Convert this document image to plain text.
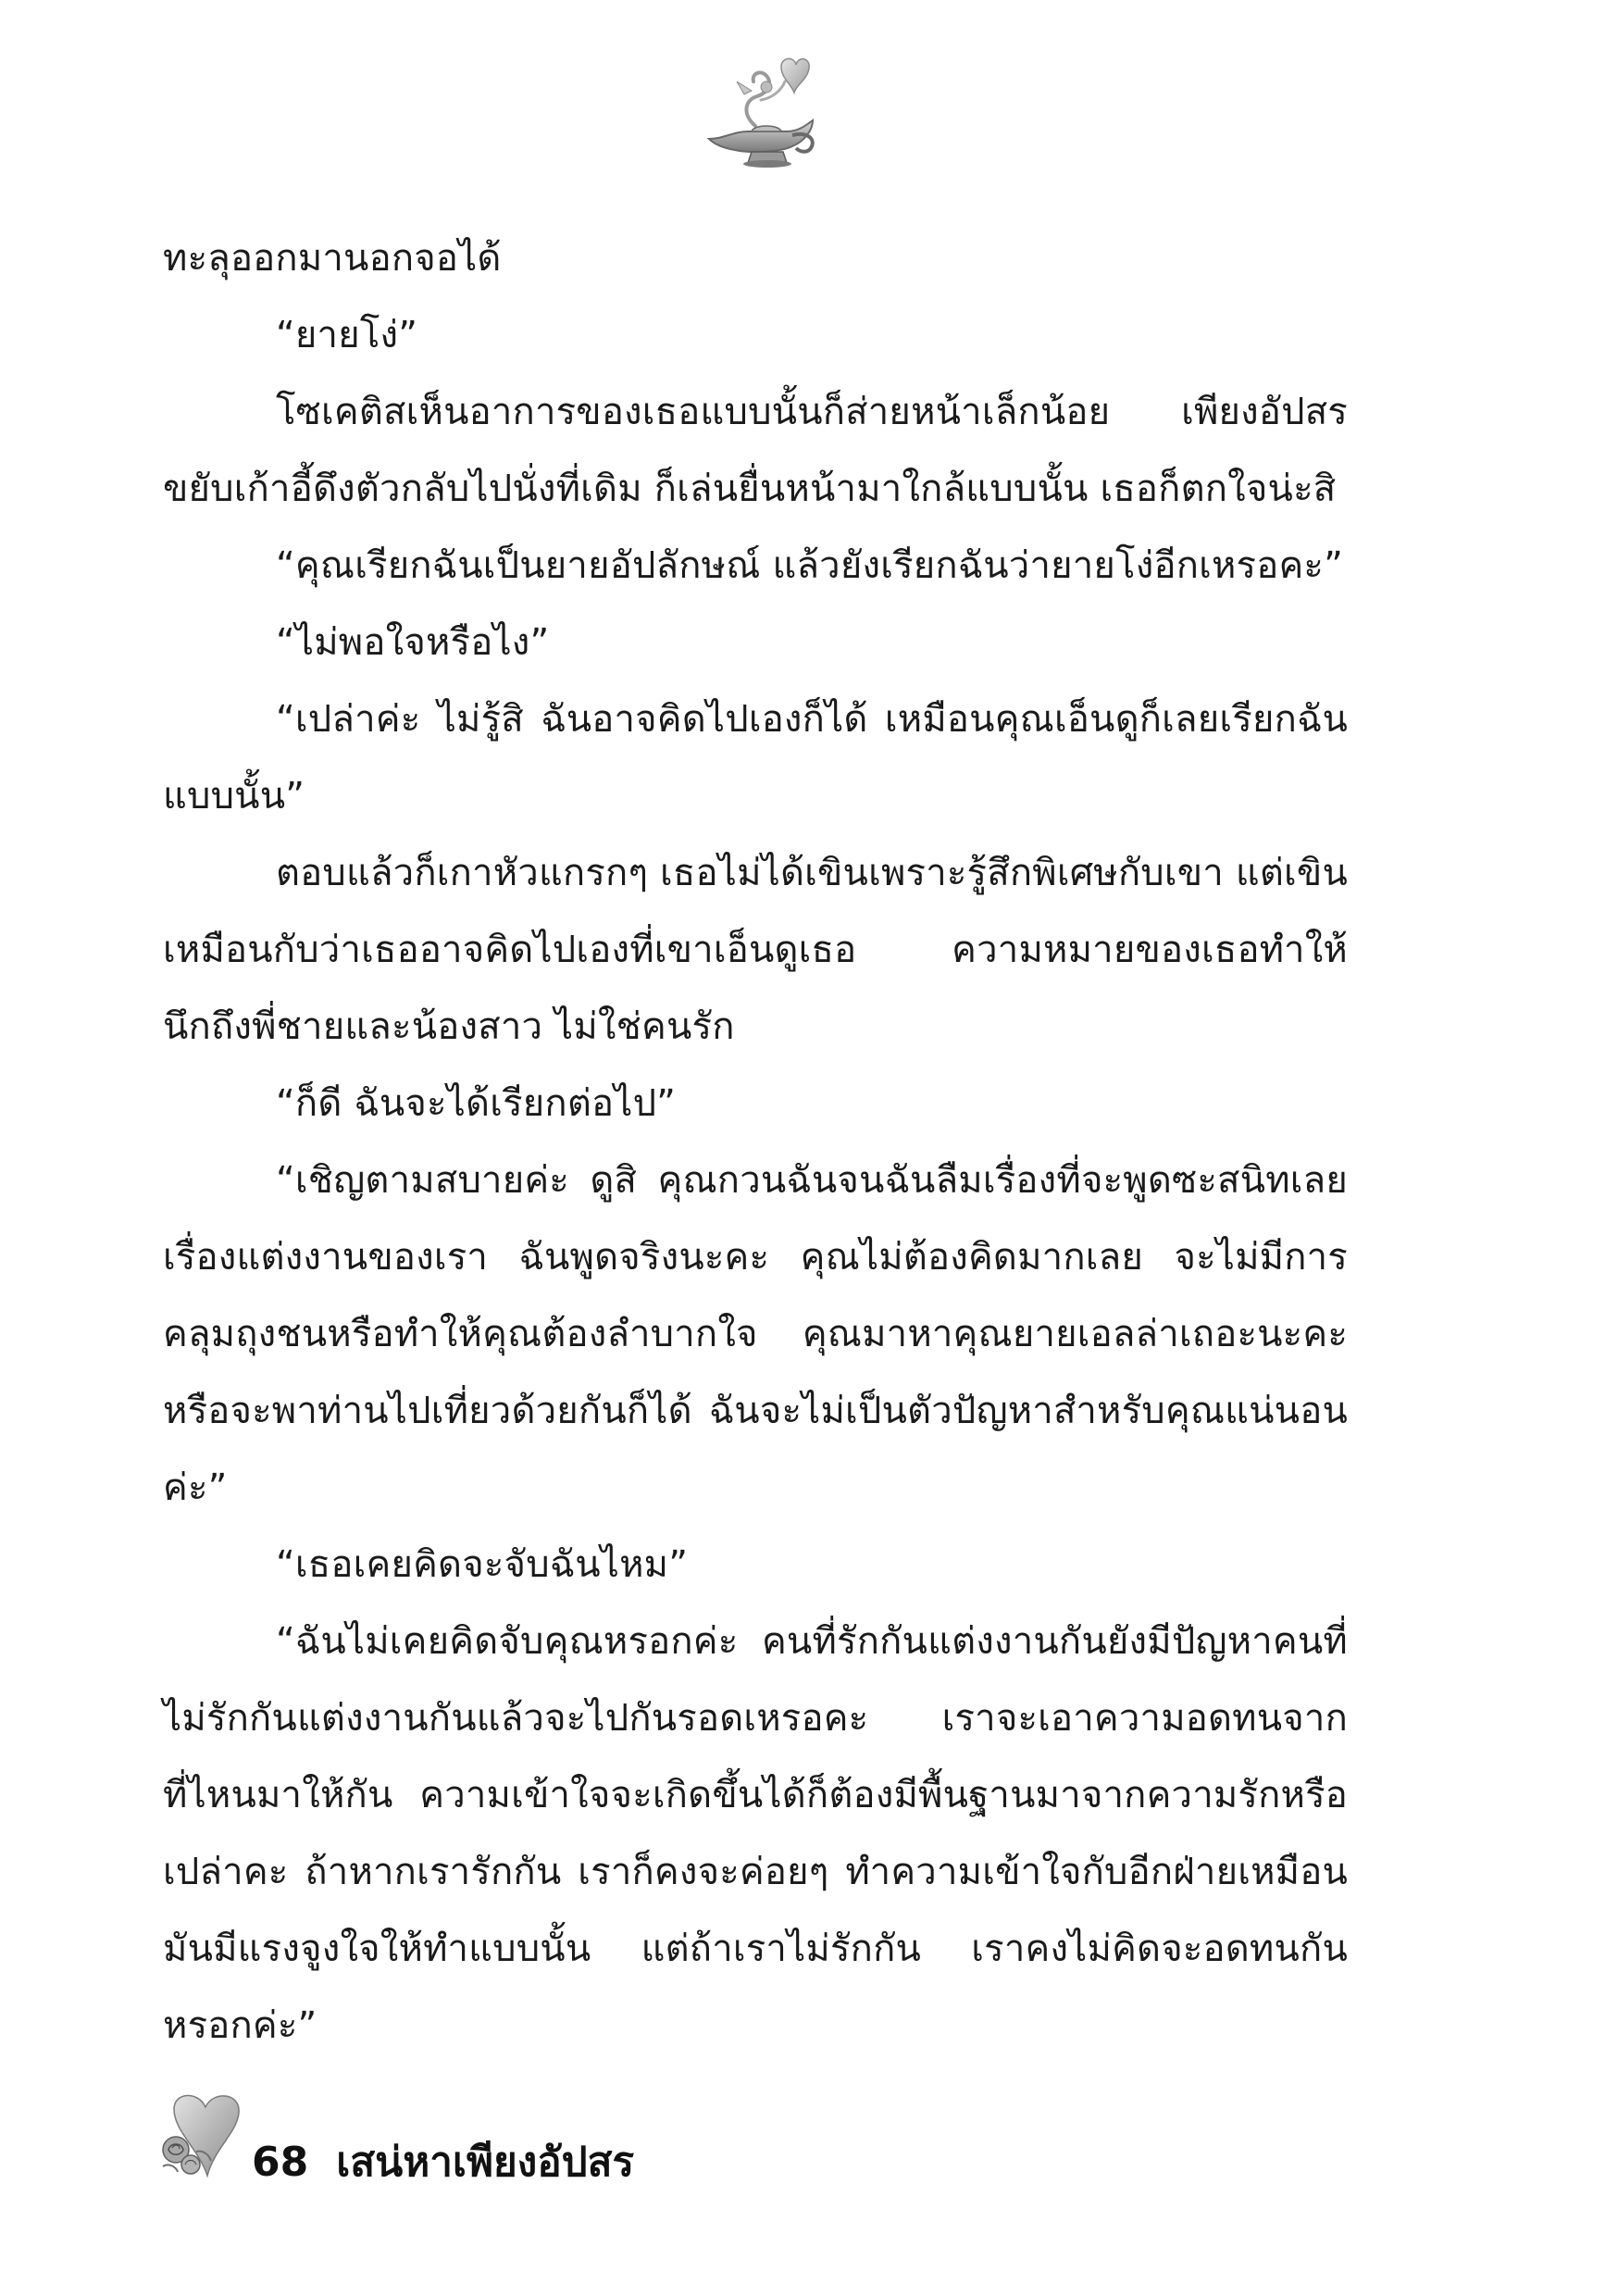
ทะลุออกมานอกจอได้

“ยายโง่”

โซเคติสเห็นอาการของเธอแบบนั้นก็ส่ายหน้าเล็กน้อย เพียงอัปสรขยับเก้าอี้ดึงตัวกลับไปนั่งที่เดิม ก็เล่นยื่นหน้ามาใกล้แบบนั้น เธอก็ตกใจน่ะสิ

“คุณเรียกฉันเป็นยายอัปลักษณ์ แล้วยังเรียกฉันว่ายายโง่อีกเหรอคะ”

“ไม่พอใจหรือไง”

“เปล่าค่ะ ไม่รู้สิ ฉันอาจคิดไปเองก็ได้ เหมือนคุณเอ็นดูก็เลยเรียกฉันแบบนั้น”

ตอบแล้วก็เกาหัวแกรกๆ เธอไม่ได้เขินเพราะรู้สึกพิเศษกับเขา แต่เขินเหมือนกับว่าเธออาจคิดไปเองที่เขาเอ็นดูเธอ ความหมายของเธอทำให้นึกถึงพี่ชายและน้องสาว ไม่ใช่คนรัก

“ก็ดี ฉันจะได้เรียกต่อไป”

“เชิญตามสบายค่ะ ดูสิ คุณกวนฉันจนฉันลืมเรื่องที่จะพูดซะสนิทเลย เรื่องแต่งงานของเรา ฉันพูดจริงนะคะ คุณไม่ต้องคิดมากเลย จะไม่มีการคลุมถุงชนหรือทำให้คุณต้องลำบากใจ คุณมาหาคุณยายเอลล่าเถอะนะคะ หรือจะพาท่านไปเที่ยวด้วยกันก็ได้ ฉันจะไม่เป็นตัวปัญหาสำหรับคุณแน่นอนค่ะ”

“เธอเคยคิดจะจับฉันไหม”

“ฉันไม่เคยคิดจับคุณหรอกค่ะ คนที่รักกันแต่งงานกันยังมีปัญหาคนที่ไม่รักกันแต่งงานกันแล้วจะไปกันรอดเหรอคะ เราจะเอาความอดทนจากที่ไหนมาให้กัน ความเข้าใจจะเกิดขึ้นได้ก็ต้องมีพื้นฐานมาจากความรักหรือเปล่าคะ ถ้าหากเรารักกัน เราก็คงจะค่อยๆ ทำความเข้าใจกับอีกฝ่ายเหมือนมันมีแรงจูงใจให้ทำแบบนั้น แต่ถ้าเราไม่รักกัน เราคงไม่คิดจะอดทนกันหรอกค่ะ”

68 เสน่หาเพียงอัปสร
